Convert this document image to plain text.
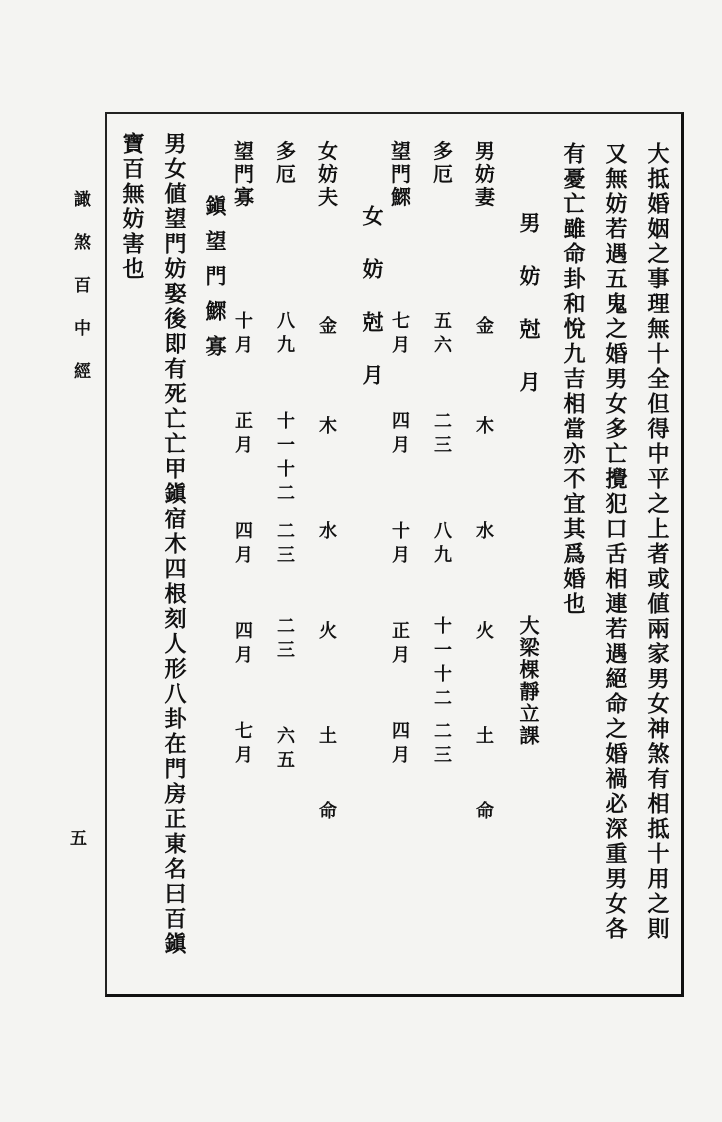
譀煞百中經
五	大抵婚姻之事理無十全但得中平之上者或値兩家男女神煞有相抵十用之則
又無妨若遇五鬼之婚男女多亡攪犯口舌相連若遇絕命之婚禍必深重男女各
有憂亡雖命卦和悅九吉相當亦不宜其爲婚也
男妨尅月
大梁棵靜立課
男妨妻
多厄
望門鰥
金
木
水
火
土
命
五六
二三
八九
十一十二
二三
七月
四月
十月
正月
四月
女妨尅月
女妨夫
多厄
望門寡
金
木
水
火
土
命
八九
十一十二
二三
二三
六五
十月
正月
四月
四月
七月
鎭望門鰥寡
男女値望門妨娶後即有死亡亡甲鎭宿木四根刻人形八卦在門房正東名曰百鎭
寶百無妨害也
